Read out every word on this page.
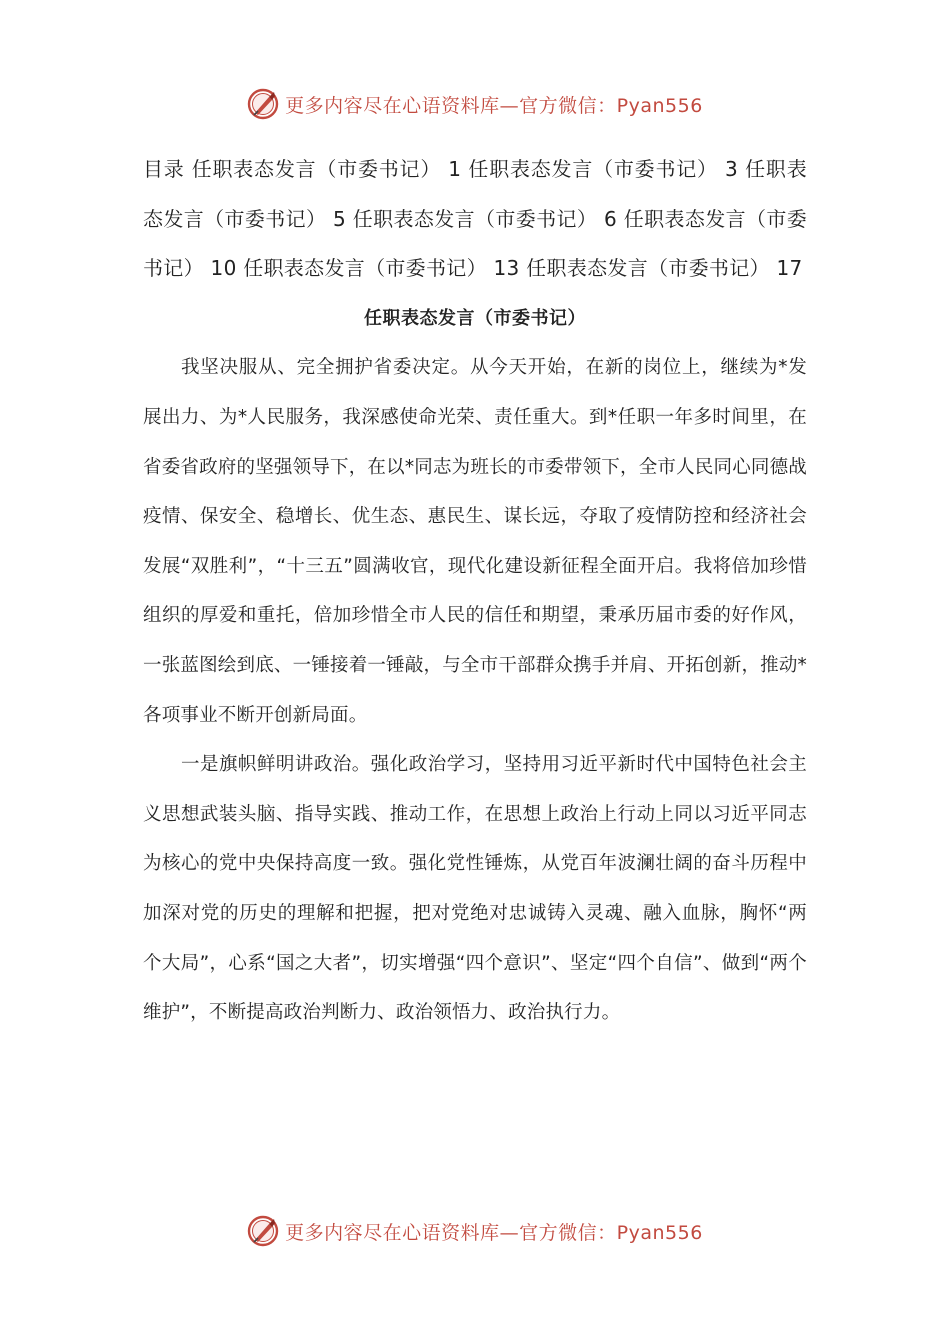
更多内容尽在心语资料库—官方微信：Pyan556

目录 任职表态发言（市委书记） 1 任职表态发言（市委书记） 3 任职表态发言（市委书记） 5 任职表态发言（市委书记） 6 任职表态发言（市委书记） 10 任职表态发言（市委书记） 13 任职表态发言（市委书记） 17

任职表态发言（市委书记）

我坚决服从、完全拥护省委决定。从今天开始，在新的岗位上，继续为*发展出力、为*人民服务，我深感使命光荣、责任重大。到*任职一年多时间里，在省委省政府的坚强领导下，在以*同志为班长的市委带领下，全市人民同心同德战疫情、保安全、稳增长、优生态、惠民生、谋长远，夺取了疫情防控和经济社会发展“双胜利”，“十三五”圆满收官，现代化建设新征程全面开启。我将倍加珍惜组织的厚爱和重托，倍加珍惜全市人民的信任和期望，秉承历届市委的好作风，一张蓝图绘到底、一锤接着一锤敲，与全市干部群众携手并肩、开拓创新，推动*各项事业不断开创新局面。

一是旗帜鲜明讲政治。强化政治学习，坚持用习近平新时代中国特色社会主义思想武装头脑、指导实践、推动工作，在思想上政治上行动上同以习近平同志为核心的党中央保持高度一致。强化党性锤炼，从党百年波澜壮阔的奋斗历程中加深对党的历史的理解和把握，把对党绝对忠诚铸入灵魂、融入血脉，胸怀“两个大局”，心系“国之大者”，切实增强“四个意识”、坚定“四个自信”、做到“两个维护”，不断提高政治判断力、政治领悟力、政治执行力。

更多内容尽在心语资料库—官方微信：Pyan556
